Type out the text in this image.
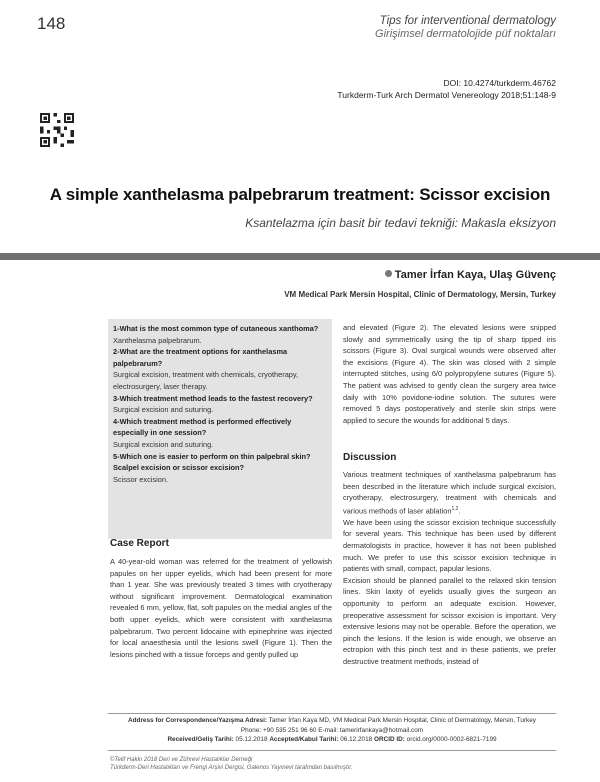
148	Tips for interventional dermatology
Girişimsel dermatolojide püf noktaları
DOI: 10.4274/turkderm.46762
Turkderm-Turk Arch Dermatol Venereology 2018;51:148-9
A simple xanthelasma palpebrarum treatment: Scissor excision
Ksantelazma için basit bir tedavi tekniği: Makasla eksizyon
Tamer İrfan Kaya, Ulaş Güvenç
VM Medical Park Mersin Hospital, Clinic of Dermatology, Mersin, Turkey

1-What is the most common type of cutaneous xanthoma?

Xanthelasma palpebrarum.

2-What are the treatment options for xanthelasma palpebrarum?

Surgical excision, treatment with chemicals, cryotherapy, electrosurgery, laser therapy.

3-Which treatment method leads to the fastest recovery?

Surgical excision and suturing.

4-Which treatment method is performed effectively especially in one session?

Surgical excision and suturing.

5-Which one is easier to perform on thin palpebral skin? Scalpel excision or scissor excision?

Scissor excision.

Case Report

A 40-year-old woman was referred for the treatment of yellowish papules on her upper eyelids, which had been present for more than 1 year. She was previously treated 3 times with cryotherapy without significant improvement. Dermatological examination revealed 6 mm, yellow, flat, soft papules on the medial angles of the both upper eyelids, which were consistent with xanthelasma palpebrarum. Two percent lidocaine with epinephrine was injected for local anaesthesia until the lesions swell (Figure 1). Then the lesions pinched with a tissue forceps and gently pulled up

and elevated (Figure 2). The elevated lesions were snipped slowly and symmetrically using the tip of sharp tipped iris scissors (Figure 3). Oval surgical wounds were observed after the excisions (Figure 4). The skin was closed with 2 simple interrupted stitches, using 6/0 polypropylene sutures (Figure 5). The patient was advised to gently clean the surgery area twice daily with 10% povidone-iodine solution. The sutures were removed 5 days postoperatively and sterile skin strips were applied to secure the wounds for additional 5 days.

Discussion

Various treatment techniques of xanthelasma palpebrarum has been described in the literature which include surgical excision, cryotherapy, electrosurgery, treatment with chemicals and various methods of laser ablation$^{1,2}$.

We have been using the scissor excision technique successfully for several years. This technique has been used by different dermatologists in practice, however it has not been published much. We prefer to use this scissor excision technique in patients with small, compact, papular lesions.

Excision should be planned parallel to the relaxed skin tension lines. Skin laxity of eyelids usually gives the surgeon an opportunity to perform an adequate excision. However, preoperative assessment for scissor excision is important. Very extensive lesions may not be operable. Before the operation, we pinch the lesions. If the lesion is wide enough, we observe an ectropion with this pinch test and in these patients, we prefer destructive treatment methods, instead of

Address for Correspondence/Yazışma Adresi: Tamer İrfan Kaya MD, VM Medical Park Mersin Hospital, Clinic of Dermatology, Mersin, Turkey
Phone: +90 535 251 96 60 E-mail: tamerirfankaya@hotmail.com
Received/Geliş Tarihi: 05.12.2018 Accepted/Kabul Tarihi: 06.12.2018 ORCID ID: orcid.org/0000-0002-6821-7199
©Telif Hakkı 2018 Deri ve Zührevi Hastalıklar Derneği
Türkderm-Deri Hastalıkları ve Frengi Arşivi Dergisi, Galenos Yayınevi tarafından basılmıştır.
